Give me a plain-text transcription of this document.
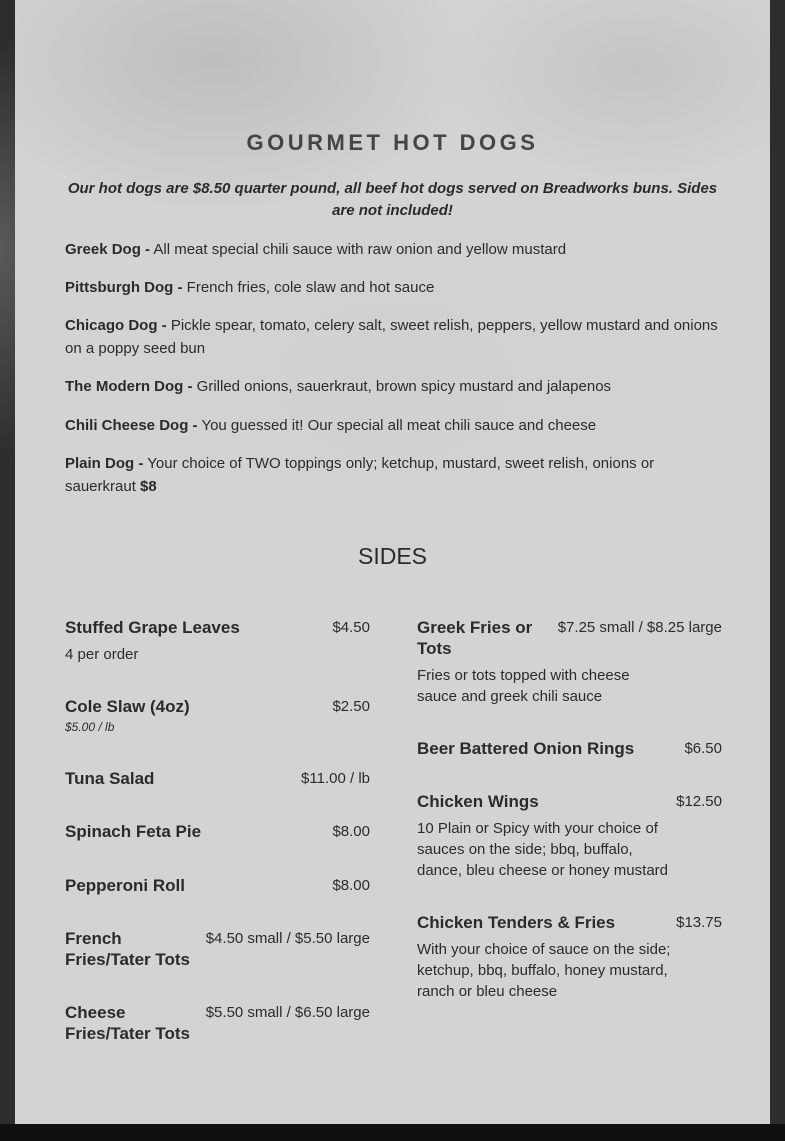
GOURMET HOT DOGS
Our hot dogs are $8.50 quarter pound, all beef hot dogs served on Breadworks buns. Sides are not included!
Greek Dog - All meat special chili sauce with raw onion and yellow mustard
Pittsburgh Dog - French fries, cole slaw and hot sauce
Chicago Dog - Pickle spear, tomato, celery salt, sweet relish, peppers, yellow mustard and onions on a poppy seed bun
The Modern Dog - Grilled onions, sauerkraut, brown spicy mustard and jalapenos
Chili Cheese Dog - You guessed it! Our special all meat chili sauce and cheese
Plain Dog - Your choice of TWO toppings only; ketchup, mustard, sweet relish, onions or sauerkraut $8
SIDES
Stuffed Grape Leaves	$4.50
4 per order
Cole Slaw (4oz)	$2.50
$5.00 / lb
Tuna Salad	$11.00 / lb
Spinach Feta Pie	$8.00
Pepperoni Roll	$8.00
French Fries/Tater Tots
$4.50 small / $5.50 large
Cheese Fries/Tater Tots
$5.50 small / $6.50 large
Greek Fries or Tots
$7.25 small / $8.25 large
Fries or tots topped with cheese sauce and greek chili sauce
Beer Battered Onion Rings	$6.50
Chicken Wings	$12.50
10 Plain or Spicy with your choice of sauces on the side; bbq, buffalo, dance, bleu cheese or honey mustard
Chicken Tenders & Fries	$13.75
With your choice of sauce on the side; ketchup, bbq, buffalo, honey mustard, ranch or bleu cheese
